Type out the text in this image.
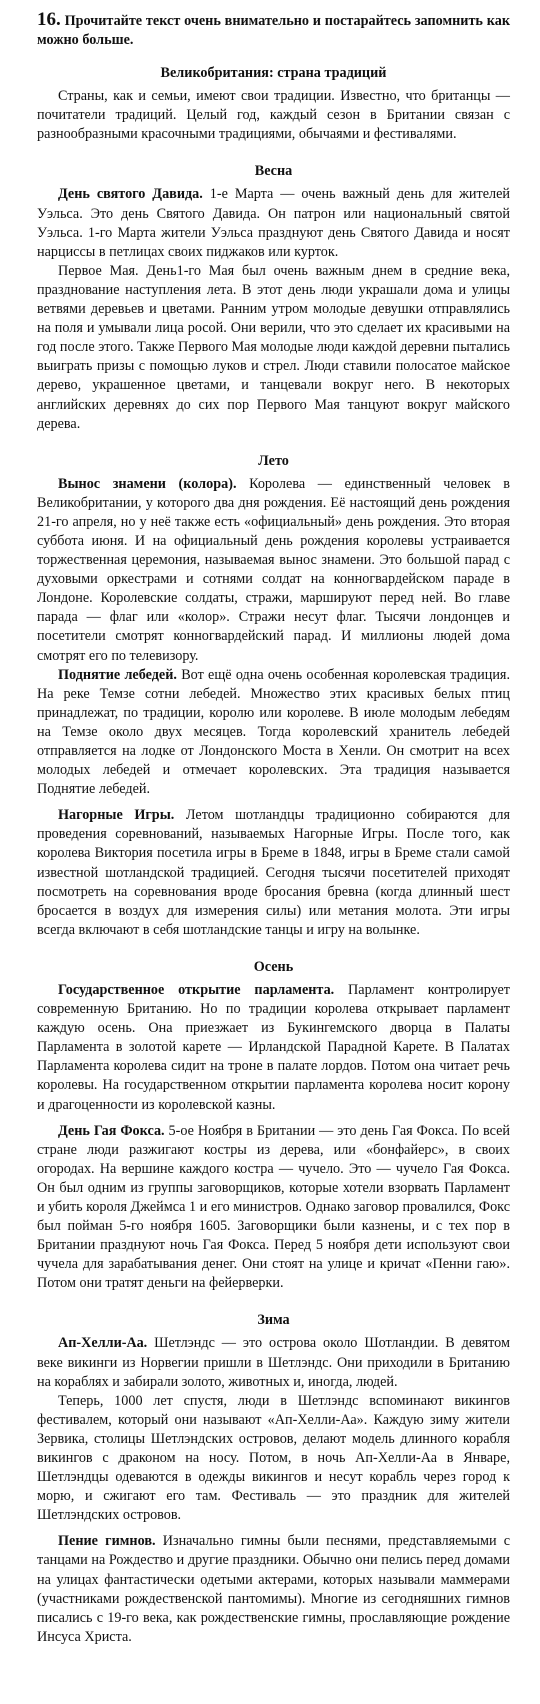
16. Прочитайте текст очень внимательно и постарайтесь запомнить как можно больше.
Великобритания: страна традиций

Страны, как и семьи, имеют свои традиции. Известно, что британцы — почитатели традиций. Целый год, каждый сезон в Британии связан с разнообразными красочными традициями, обычаями и фестивалями.

Весна

День святого Давида. 1-е Марта — очень важный день для жителей Уэльса. Это день Святого Давида. Он патрон или национальный святой Уэльса. 1-го Марта жители Уэльса празднуют день Святого Давида и носят нарциссы в петлицах своих пиджаков или курток.

Первое Мая. День1-го Мая был очень важным днем в средние века, празднование наступления лета. В этот день люди украшали дома и улицы ветвями деревьев и цветами. Ранним утром молодые девушки отправлялись на поля и умывали лица росой. Они верили, что это сделает их красивыми на год после этого. Также Первого Мая молодые люди каждой деревни пытались выиграть призы с помощью луков и стрел. Люди ставили полосатое майское дерево, украшенное цветами, и танцевали вокруг него. В некоторых английских деревнях до сих пор Первого Мая танцуют вокруг майского дерева.

Лето

Вынос знамени (колора). Королева — единственный человек в Великобритании, у которого два дня рождения. Её настоящий день рождения 21-го апреля, но у неё также есть «официальный» день рождения. Это вторая суббота июня. И на официальный день рождения королевы устраивается торжественная церемония, называемая вынос знамени. Это большой парад с духовыми оркестрами и сотнями солдат на конногвардейском параде в Лондоне. Королевские солдаты, стражи, маршируют перед ней. Во главе парада — флаг или «колор». Стражи несут флаг. Тысячи лондонцев и посетители смотрят конногвардейский парад. И миллионы людей дома смотрят его по телевизору.

Поднятие лебедей. Вот ещё одна очень особенная королевская традиция. На реке Темзе сотни лебедей. Множество этих красивых белых птиц принадлежат, по традиции, королю или королеве. В июле молодым лебедям на Темзе около двух месяцев. Тогда королевский хранитель лебедей отправляется на лодке от Лондонского Моста в Хенли. Он смотрит на всех молодых лебедей и отмечает королевских. Эта традиция называется Поднятие лебедей.

Нагорные Игры. Летом шотландцы традиционно собираются для проведения соревнований, называемых Нагорные Игры. После того, как королева Виктория посетила игры в Бреме в 1848, игры в Бреме стали самой известной шотландской традицией. Сегодня тысячи посетителей приходят посмотреть на соревнования вроде бросания бревна (когда длинный шест бросается в воздух для измерения силы) или метания молота. Эти игры всегда включают в себя шотландские танцы и игру на волынке.

Осень

Государственное открытие парламента. Парламент контролирует современную Британию. Но по традиции королева открывает парламент каждую осень. Она приезжает из Букингемского дворца в Палаты Парламента в золотой карете — Ирландской Парадной Карете. В Палатах Парламента королева сидит на троне в палате лордов. Потом она читает речь королевы. На государственном открытии парламента королева носит корону и драгоценности из королевской казны.

День Гая Фокса. 5-ое Ноября в Британии — это день Гая Фокса. По всей стране люди разжигают костры из дерева, или «бонфайерс», в своих огородах. На вершине каждого костра — чучело. Это — чучело Гая Фокса. Он был одним из группы заговорщиков, которые хотели взорвать Парламент и убить короля Джеймса 1 и его министров. Однако заговор провалился, Фокс был пойман 5-го ноября 1605. Заговорщики были казнены, и с тех пор в Британии празднуют ночь Гая Фокса. Перед 5 ноября дети используют свои чучела для зарабатывания денег. Они стоят на улице и кричат «Пенни гаю». Потом они тратят деньги на фейерверки.

Зима

Ап-Хелли-Аа. Шетлэндс — это острова около Шотландии. В девятом веке викинги из Норвегии пришли в Шетлэндс. Они приходили в Британию на кораблях и забирали золото, животных и, иногда, людей.

Теперь, 1000 лет спустя, люди в Шетлэндс вспоминают викингов фестивалем, который они называют «Ап-Хелли-Аа». Каждую зиму жители Зервика, столицы Шетлэндских островов, делают модель длинного корабля викингов с драконом на носу. Потом, в ночь Ап-Хелли-Аа в Январе, Шетлэндцы одеваются в одежды викингов и несут корабль через город к морю, и сжигают его там. Фестиваль — это праздник для жителей Шетлэндских островов.

Пение гимнов. Изначально гимны были песнями, представляемыми с танцами на Рождество и другие праздники. Обычно они пелись перед домами на улицах фантастически одетыми актерами, которых называли маммерами (участниками рождественской пантомимы). Многие из сегодняшних гимнов писались с 19-го века, как рождественские гимны, прославляющие рождение Инсуса Христа.
